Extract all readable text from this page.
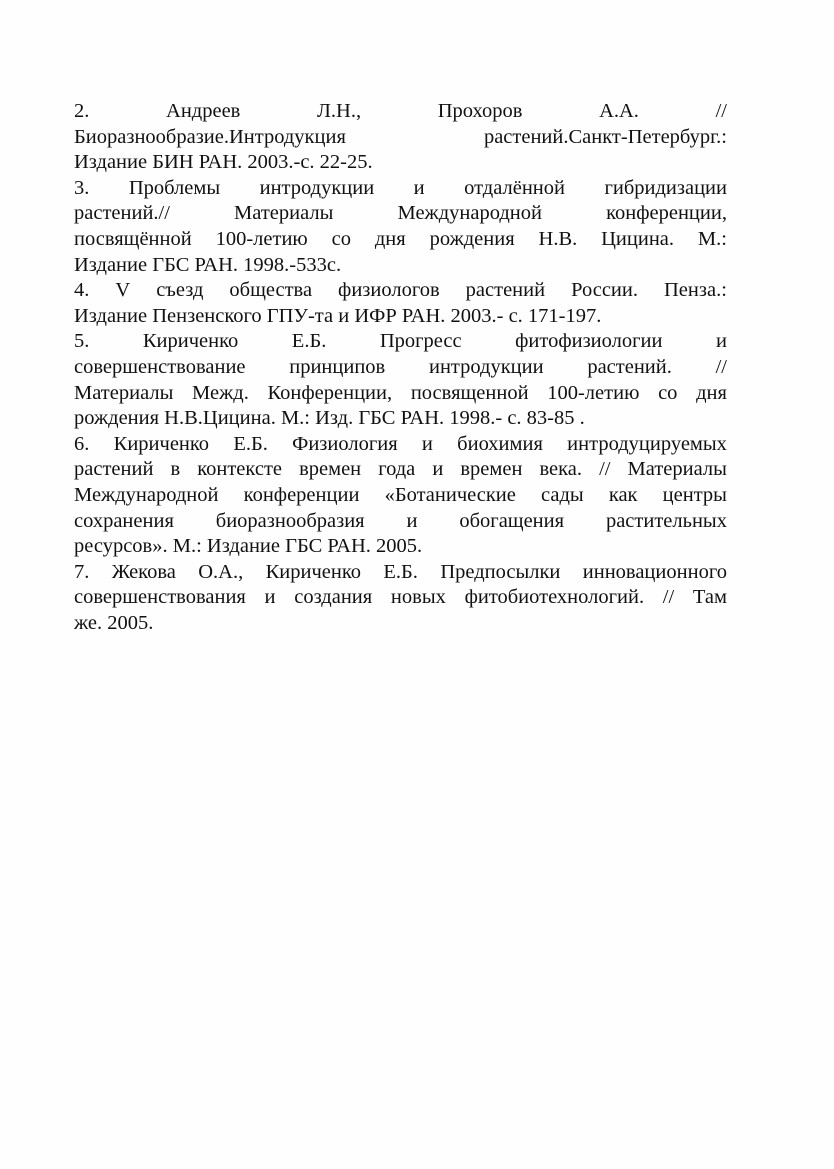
2.	Андреев	Л.Н.,	Прохоров	А.А.	//
Биоразнообразие.Интродукция	растений.Санкт-Петербург.:
Издание БИН РАН. 2003.-с. 22-25.
3. Проблемы интродукции и отдалённой гибридизации
растений.//	Материалы	Международной	конференции,
посвящённой 100-летию со дня рождения Н.В. Цицина. М.:
Издание ГБС РАН. 1998.-533с.
4. V съезд общества физиологов растений России. Пенза.:
Издание Пензенского ГПУ-та и ИФР РАН. 2003.- с. 171-197.
5.	Кириченко	Е.Б.	Прогресс	фитофизиологии	и
совершенствование принципов интродукции растений. //
Материалы Межд. Конференции, посвященной 100-летию со дня
рождения Н.В.Цицина. М.: Изд. ГБС РАН. 1998.- с. 83-85 .
6. Кириченко Е.Б. Физиология и биохимия интродуцируемых
растений в контексте времен года и времен века. // Материалы
Международной конференции «Ботанические сады как центры
сохранения биоразнообразия и обогащения растительных
ресурсов». М.: Издание ГБС РАН. 2005.
7. Жекова О.А., Кириченко Е.Б. Предпосылки инновационного
совершенствования и создания новых фитобиотехнологий. // Там
же. 2005.
